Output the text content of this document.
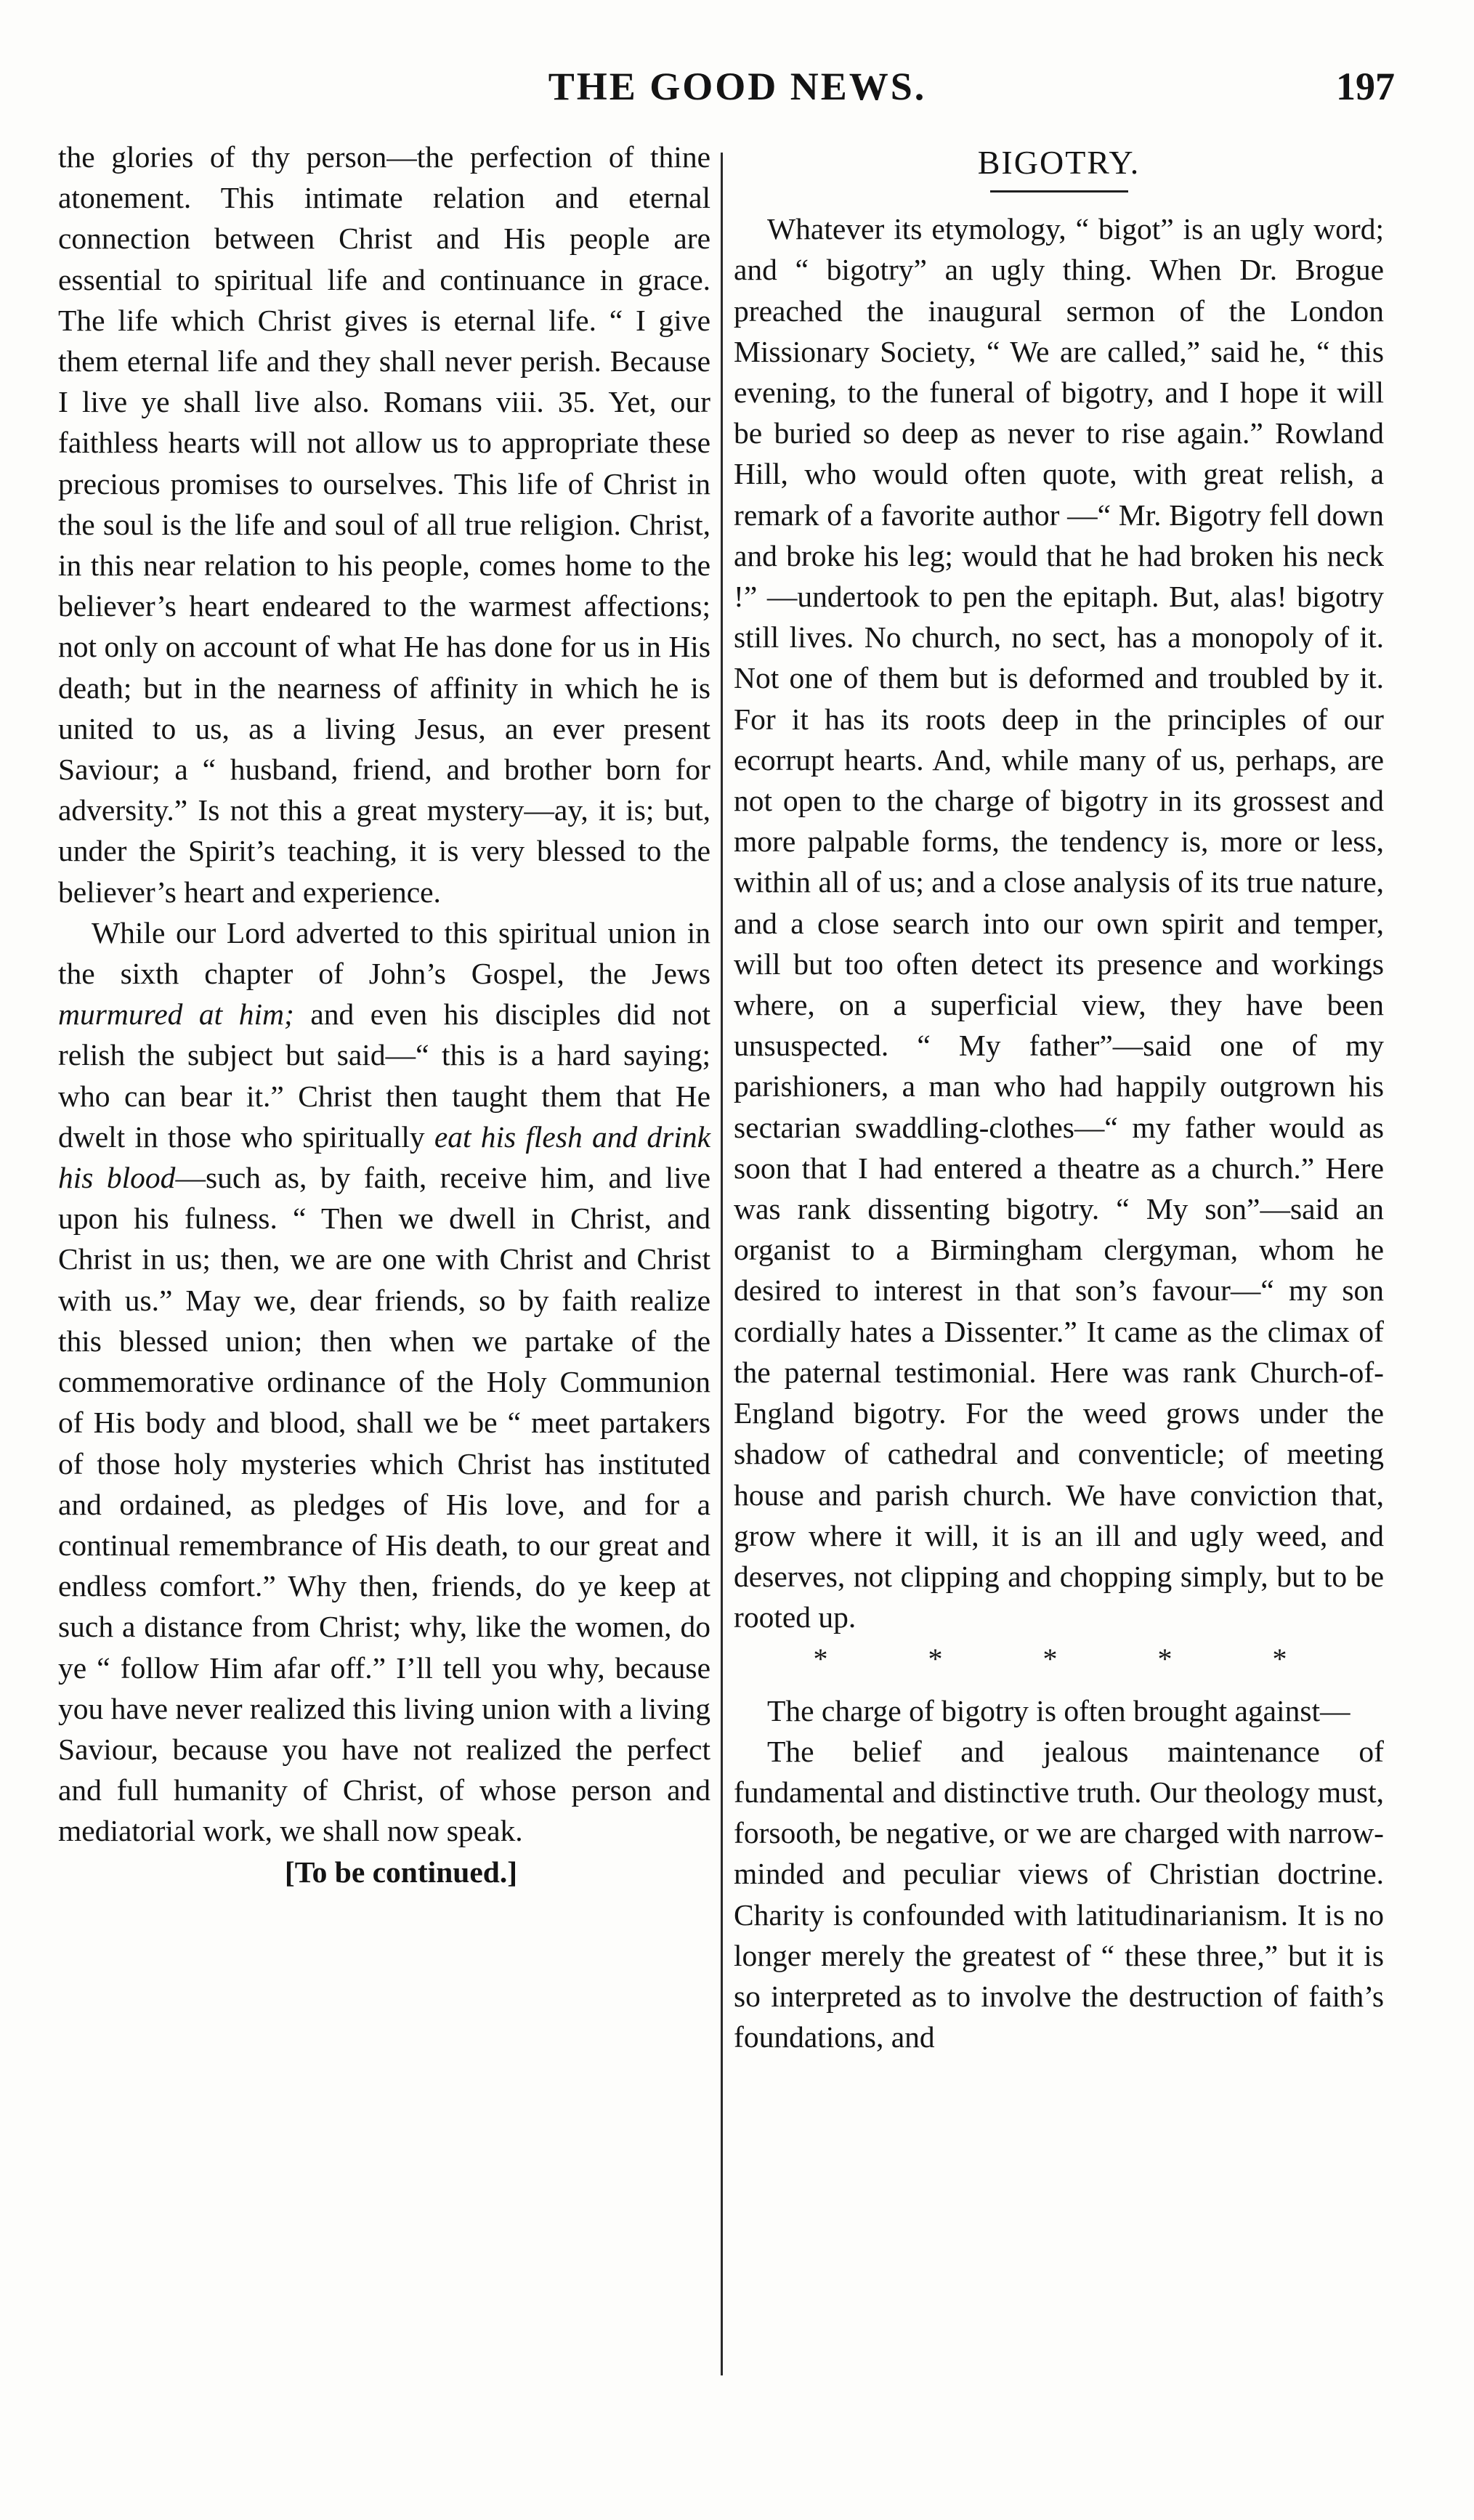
THE GOOD NEWS.	197

the glories of thy person—the perfection of thine atonement. This intimate relation and eternal connection between Christ and His people are essential to spiritual life and continuance in grace. The life which Christ gives is eternal life. “ I give them eternal life and they shall never perish. Because I live ye shall live also. Romans viii. 35. Yet, our faithless hearts will not allow us to appropriate these precious promises to ourselves. This life of Christ in the soul is the life and soul of all true religion. Christ, in this near relation to his people, comes home to the believer’s heart endeared to the warmest affections; not only on account of what He has done for us in His death; but in the nearness of affinity in which he is united to us, as a living Jesus, an ever present Saviour; a “ husband, friend, and brother born for adversity.” Is not this a great mystery—ay, it is; but, under the Spirit’s teaching, it is very blessed to the believer’s heart and experience.

While our Lord adverted to this spiritual union in the sixth chapter of John’s Gospel, the Jews murmured at him; and even his disciples did not relish the subject but said—“ this is a hard saying; who can bear it.” Christ then taught them that He dwelt in those who spiritually eat his flesh and drink his blood—such as, by faith, receive him, and live upon his fulness. “ Then we dwell in Christ, and Christ in us; then, we are one with Christ and Christ with us.” May we, dear friends, so by faith realize this blessed union; then when we partake of the commemorative ordinance of the Holy Communion of His body and blood, shall we be “ meet partakers of those holy mysteries which Christ has instituted and ordained, as pledges of His love, and for a continual remembrance of His death, to our great and endless comfort.” Why then, friends, do ye keep at such a distance from Christ; why, like the women, do ye “ follow Him afar off.” I’ll tell you why, because you have never realized this living union with a living Saviour, because you have not realized the perfect and full humanity of Christ, of whose person and mediatorial work, we shall now speak.

[To be continued.]

BIGOTRY.

Whatever its etymology, “ bigot” is an ugly word; and “ bigotry” an ugly thing. When Dr. Brogue preached the inaugural sermon of the London Missionary Society, “ We are called,” said he, “ this evening, to the funeral of bigotry, and I hope it will be buried so deep as never to rise again.” Rowland Hill, who would often quote, with great relish, a remark of a favorite author —“ Mr. Bigotry fell down and broke his leg; would that he had broken his neck !” —undertook to pen the epitaph. But, alas! bigotry still lives. No church, no sect, has a monopoly of it. Not one of them but is deformed and troubled by it. For it has its roots deep in the principles of our ecorrupt hearts. And, while many of us, perhaps, are not open to the charge of bigotry in its grossest and more palpable forms, the tendency is, more or less, within all of us; and a close analysis of its true nature, and a close search into our own spirit and temper, will but too often detect its presence and workings where, on a superficial view, they have been unsuspected. “ My father”—said one of my parishioners, a man who had happily outgrown his sectarian swaddling-clothes—“ my father would as soon that I had entered a theatre as a church.” Here was rank dissenting bigotry. “ My son”—said an organist to a Birmingham clergyman, whom he desired to interest in that son’s favour—“ my son cordially hates a Dissenter.” It came as the climax of the paternal testimonial. Here was rank Church-of-England bigotry. For the weed grows under the shadow of cathedral and conventicle; of meeting house and parish church. We have conviction that, grow where it will, it is an ill and ugly weed, and deserves, not clipping and chopping simply, but to be rooted up.

* * * * *

The charge of bigotry is often brought against—

The belief and jealous maintenance of fundamental and distinctive truth. Our theology must, forsooth, be negative, or we are charged with narrow-minded and peculiar views of Christian doctrine. Charity is confounded with latitudinarianism. It is no longer merely the greatest of “ these three,” but it is so interpreted as to involve the destruction of faith’s foundations, and
